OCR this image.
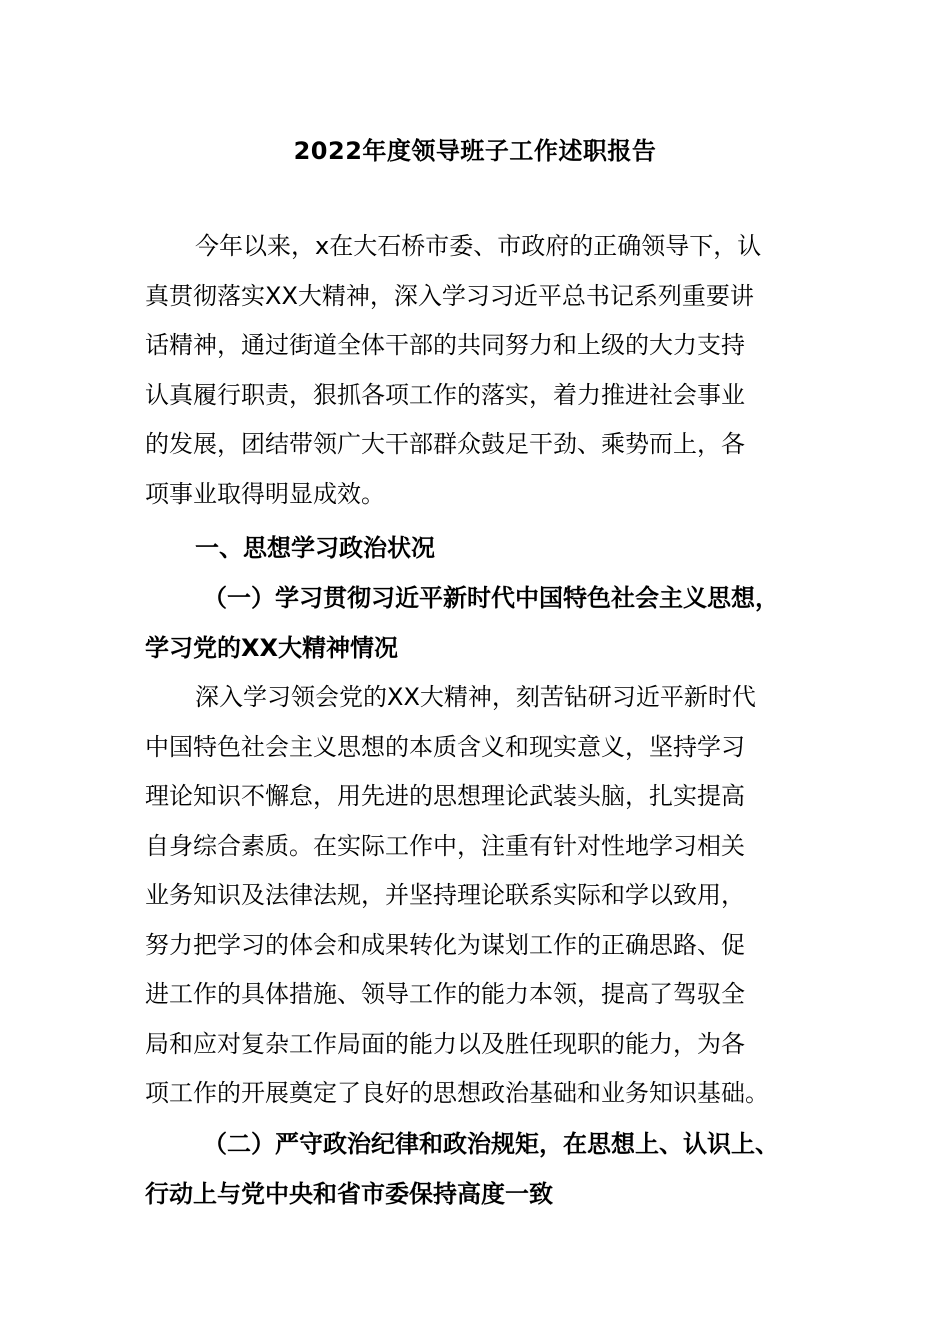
2022年度领导班子工作述职报告
今年以来，x在大石桥市委、市政府的正确领导下，认
真贯彻落实XX大精神，深入学习习近平总书记系列重要讲
话精神，通过街道全体干部的共同努力和上级的大力支持
认真履行职责，狠抓各项工作的落实，着力推进社会事业
的发展，团结带领广大干部群众鼓足干劲、乘势而上，各
项事业取得明显成效。
一、思想学习政治状况
（一）学习贯彻习近平新时代中国特色社会主义思想，
学习党的XX大精神情况
深入学习领会党的XX大精神，刻苦钻研习近平新时代
中国特色社会主义思想的本质含义和现实意义，坚持学习
理论知识不懈怠，用先进的思想理论武装头脑，扎实提高
自身综合素质。在实际工作中，注重有针对性地学习相关
业务知识及法律法规，并坚持理论联系实际和学以致用，
努力把学习的体会和成果转化为谋划工作的正确思路、促
进工作的具体措施、领导工作的能力本领，提高了驾驭全
局和应对复杂工作局面的能力以及胜任现职的能力，为各
项工作的开展奠定了良好的思想政治基础和业务知识基础。
（二）严守政治纪律和政治规矩，在思想上、认识上、
行动上与党中央和省市委保持高度一致
